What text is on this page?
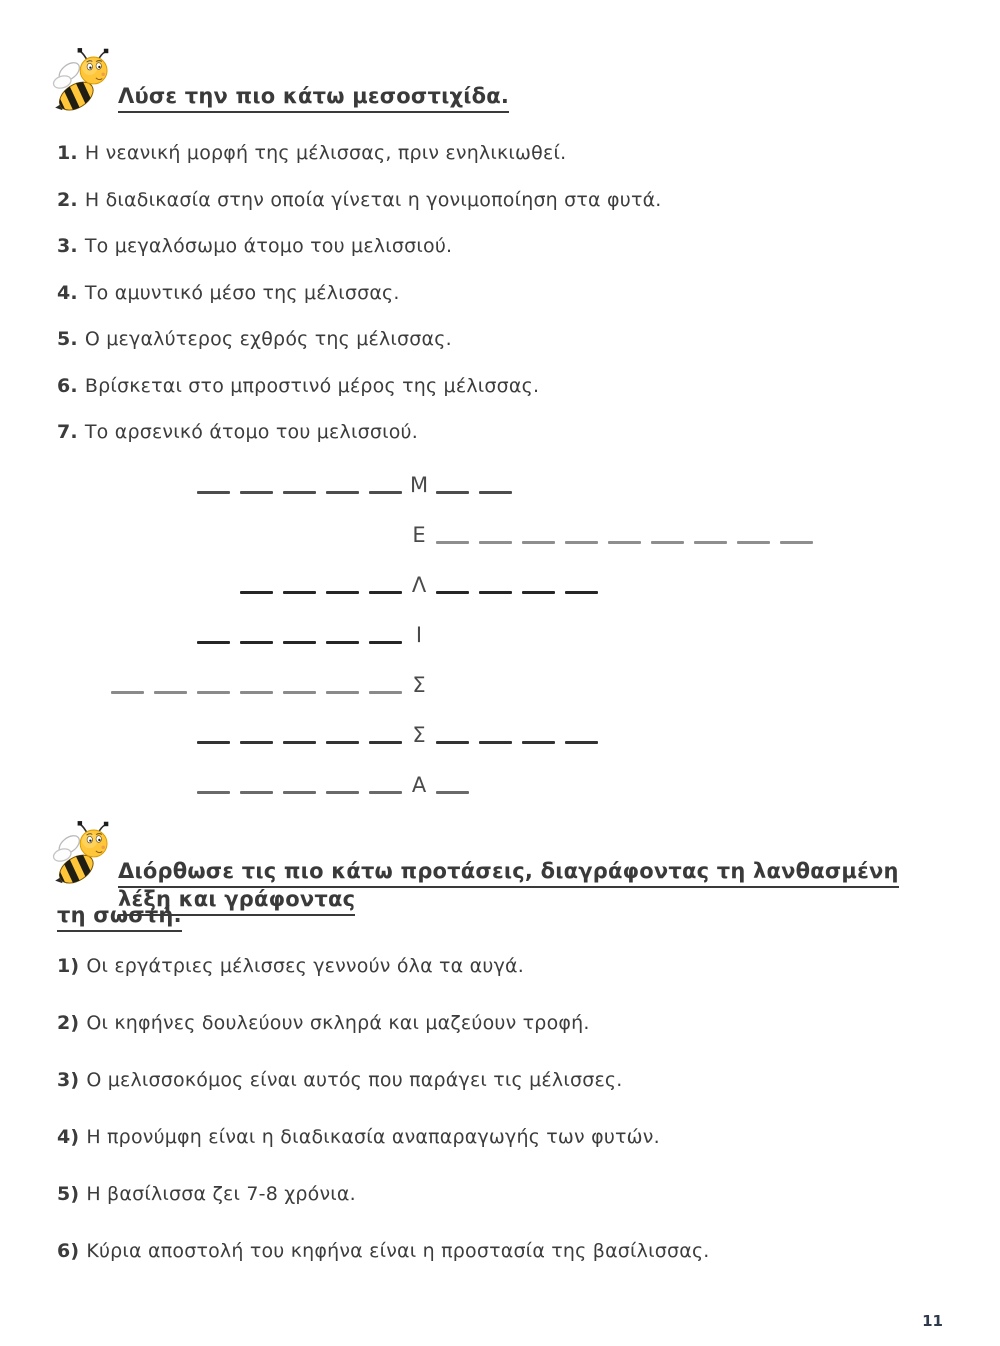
Λύσε την πιο κάτω μεσοστιχίδα.
1. Η νεανική μορφή της μέλισσας, πριν ενηλικιωθεί.
2. Η διαδικασία στην οποία γίνεται η γονιμοποίηση στα φυτά.
3. Το μεγαλόσωμο άτομο του μελισσιού.
4. Το αμυντικό μέσο της μέλισσας.
5. Ο μεγαλύτερος εχθρός της μέλισσας.
6. Βρίσκεται στο μπροστινό μέρος της μέλισσας.
7. Το αρσενικό άτομο του μελισσιού.
Μ
Ε
Λ
Ι
Σ
Σ
Α
Διόρθωσε τις πιο κάτω προτάσεις, διαγράφοντας τη λανθασμένη λέξη και γράφοντας
τη σωστή.
1) Οι εργάτριες μέλισσες γεννούν όλα τα αυγά.
2) Οι κηφήνες δουλεύουν σκληρά και μαζεύουν τροφή.
3) Ο μελισσοκόμος είναι αυτός που παράγει τις μέλισσες.
4) Η προνύμφη είναι η διαδικασία αναπαραγωγής των φυτών.
5) Η βασίλισσα ζει 7-8 χρόνια.
6) Κύρια αποστολή του κηφήνα είναι η προστασία της βασίλισσας.
11
